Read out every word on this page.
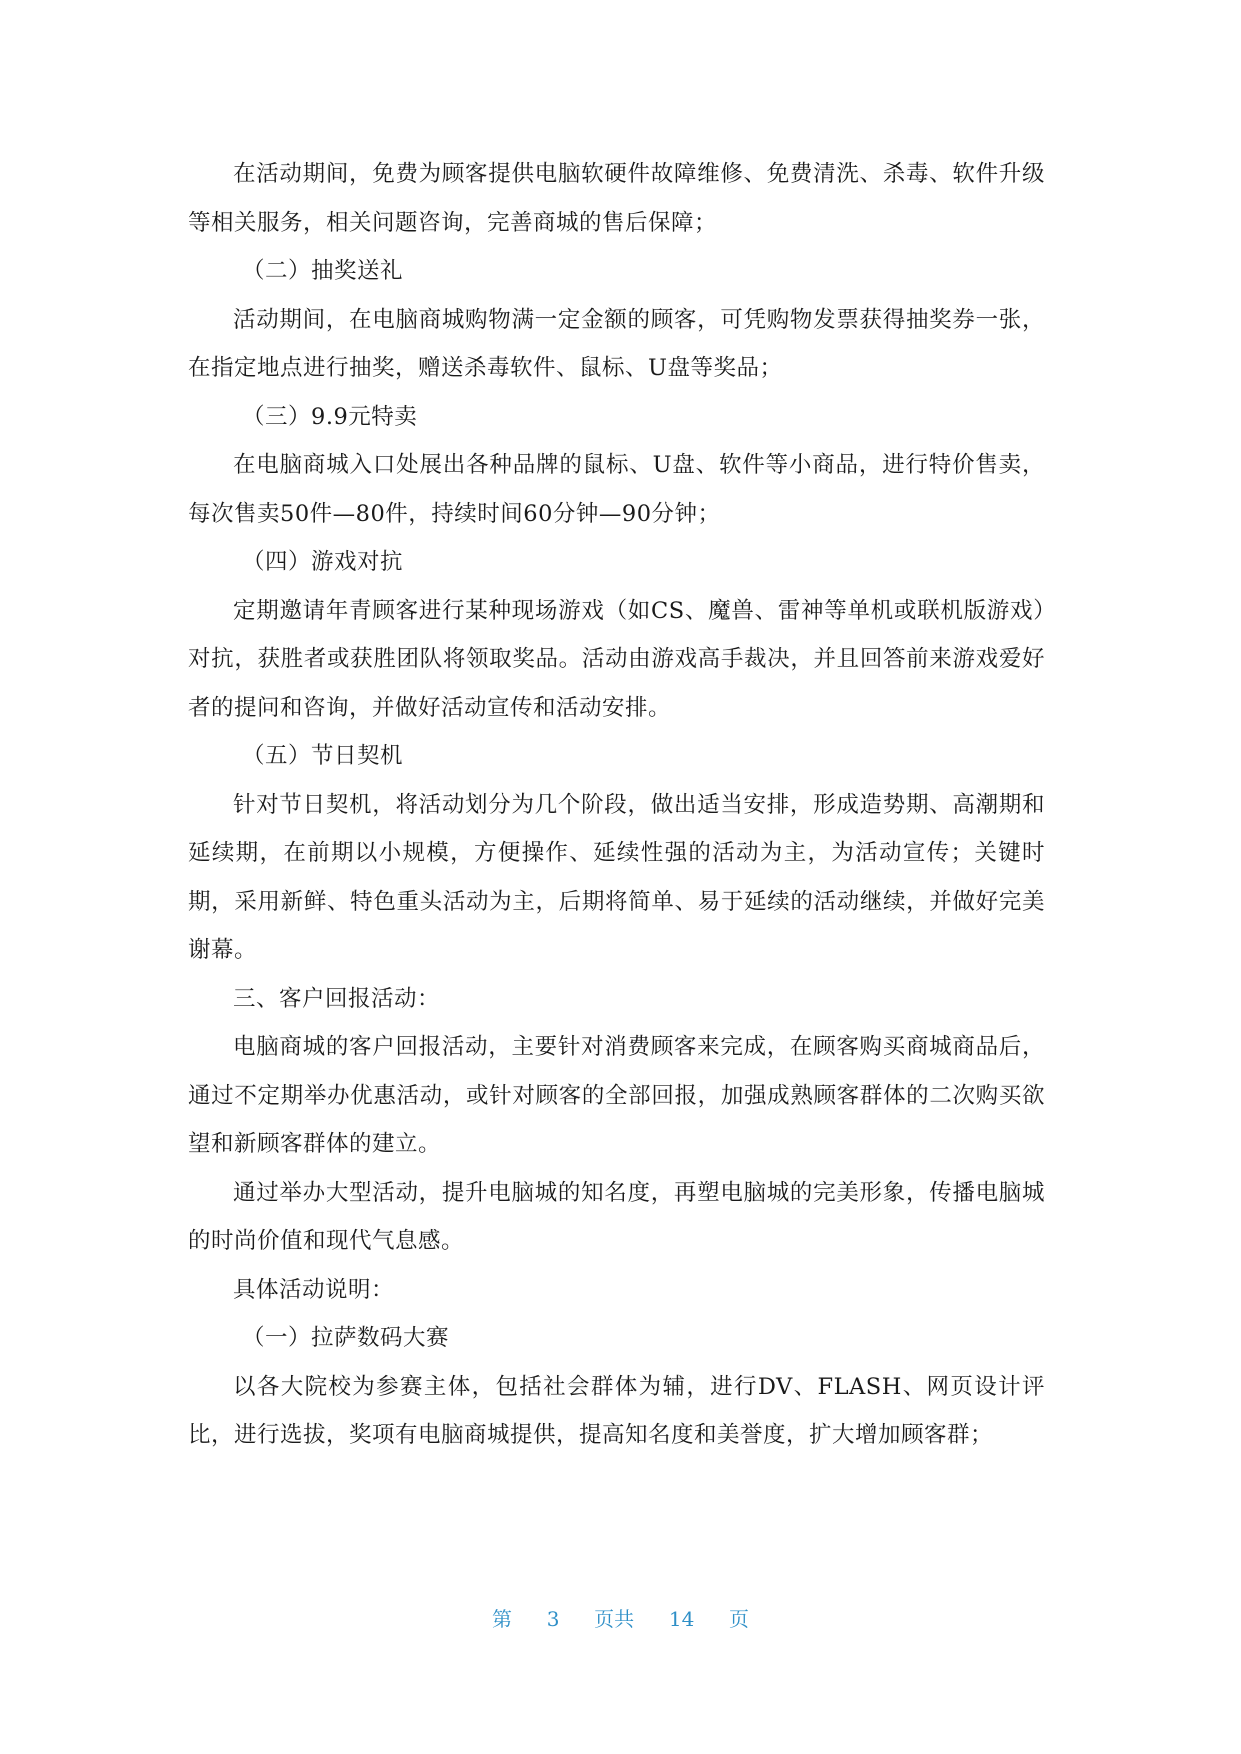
在活动期间，免费为顾客提供电脑软硬件故障维修、免费清洗、杀毒、软件升级等相关服务，相关问题咨询，完善商城的售后保障；

（二）抽奖送礼

活动期间，在电脑商城购物满一定金额的顾客，可凭购物发票获得抽奖券一张，在指定地点进行抽奖，赠送杀毒软件、鼠标、U盘等奖品；

（三）9.9元特卖

在电脑商城入口处展出各种品牌的鼠标、U盘、软件等小商品，进行特价售卖，每次售卖50件—80件，持续时间60分钟—90分钟；

（四）游戏对抗

定期邀请年青顾客进行某种现场游戏（如CS、魔兽、雷神等单机或联机版游戏）对抗，获胜者或获胜团队将领取奖品。活动由游戏高手裁决，并且回答前来游戏爱好者的提问和咨询，并做好活动宣传和活动安排。

（五）节日契机

针对节日契机，将活动划分为几个阶段，做出适当安排，形成造势期、高潮期和延续期，在前期以小规模，方便操作、延续性强的活动为主，为活动宣传；关键时期，采用新鲜、特色重头活动为主，后期将简单、易于延续的活动继续，并做好完美谢幕。

三、客户回报活动：

电脑商城的客户回报活动，主要针对消费顾客来完成，在顾客购买商城商品后，通过不定期举办优惠活动，或针对顾客的全部回报，加强成熟顾客群体的二次购买欲望和新顾客群体的建立。

通过举办大型活动，提升电脑城的知名度，再塑电脑城的完美形象，传播电脑城的时尚价值和现代气息感。

具体活动说明：

（一）拉萨数码大赛

以各大院校为参赛主体，包括社会群体为辅，进行DV、FLASH、网页设计评比，进行选拔，奖项有电脑商城提供，提高知名度和美誉度，扩大增加顾客群；

第 3 页共 14 页
